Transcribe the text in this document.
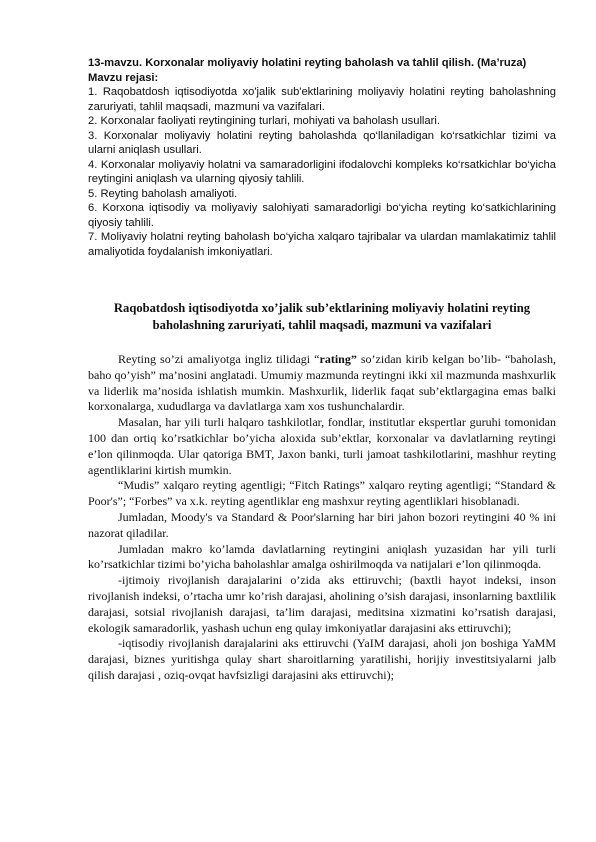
13-mavzu. Korxonalar moliyaviy holatini reyting baholash va tahlil qilish. (Ma’ruza)

Mavzu rejasi:

1. Raqobatdosh iqtisodiyotda xo'jalik sub'ektlarining moliyaviy holatini reyting baholashning zaruriyati, tahlil maqsadi, mazmuni va vazifalari.

2. Korxonalar faoliyati reytingining turlari, mohiyati va baholash usullari.

3. Korxonalar moliyaviy holatini reyting baholashda qo‘llaniladigan ko‘rsatkichlar tizimi va ularni aniqlash usullari.

4. Korxonalar moliyaviy holatni va samaradorligini ifodalovchi kompleks ko‘rsatkichlar bo‘yicha reytingini aniqlash va ularning qiyosiy tahlili.

5. Reyting baholash amaliyoti.

6. Korxona iqtisodiy va moliyaviy salohiyati samaradorligi bo‘yicha reyting ko‘satkichlarining qiyosiy tahlili.

7. Moliyaviy holatni reyting baholash bo‘yicha xalqaro tajribalar va ulardan mamlakatimiz tahlil amaliyotida foydalanish imkoniyatlari.

Raqobatdosh iqtisodiyotda xo’jalik sub’ektlarining moliyaviy holatini reyting baholashning zaruriyati, tahlil maqsadi, mazmuni va vazifalari

Reyting so’zi amaliyotga ingliz tilidagi “rating” so’zidan kirib kelgan bo’lib- “baholash, baho qo’yish” ma’nosini anglatadi. Umumiy mazmunda reytingni ikki xil mazmunda mashxurlik va liderlik ma’nosida ishlatish mumkin. Mashxurlik, liderlik faqat sub’ektlargagina emas balki korxonalarga, xududlarga va davlatlarga xam xos tushunchalardir.

Masalan, har yili turli halqaro tashkilotlar, fondlar, institutlar ekspertlar guruhi tomonidan 100 dan ortiq ko’rsatkichlar bo’yicha aloxida sub’ektlar, korxonalar va davlatlarning reytingi e’lon qilinmoqda. Ular qatoriga BMT, Jaxon banki, turli jamoat tashkilotlarini, mashhur reyting agentliklarini kirtish mumkin.

“Mudis” xalqaro reyting agentligi; “Fitch Ratings” xalqaro reyting agentligi; “Standard & Poor's”; “Forbes” va x.k. reyting agentliklar eng mashxur reyting agentliklari hisoblanadi.

Jumladan, Moody's va Standard & Poor'slarning har biri jahon bozori reytingini 40 % ini nazorat qiladilar.

Jumladan makro ko’lamda davlatlarning reytingini aniqlash yuzasidan har yili turli ko’rsatkichlar tizimi bo’yicha baholashlar amalga oshirilmoqda va natijalari e’lon qilinmoqda.

-ijtimoiy rivojlanish darajalarini o’zida aks ettiruvchi; (baxtli hayot indeksi, inson rivojlanish indeksi, o’rtacha umr ko’rish darajasi, aholining o’sish darajasi, insonlarning baxtlilik darajasi, sotsial rivojlanish darajasi, ta’lim darajasi, meditsina xizmatini ko’rsatish darajasi, ekologik samaradorlik, yashash uchun eng qulay imkoniyatlar darajasini aks ettiruvchi);

-iqtisodiy rivojlanish darajalarini aks ettiruvchi (YaIM darajasi, aholi jon boshiga YaMM darajasi, biznes yuritishga qulay shart sharoitlarning yaratilishi, horijiy investitsiyalarni jalb qilish darajasi , oziq-ovqat havfsizligi darajasini aks ettiruvchi);
